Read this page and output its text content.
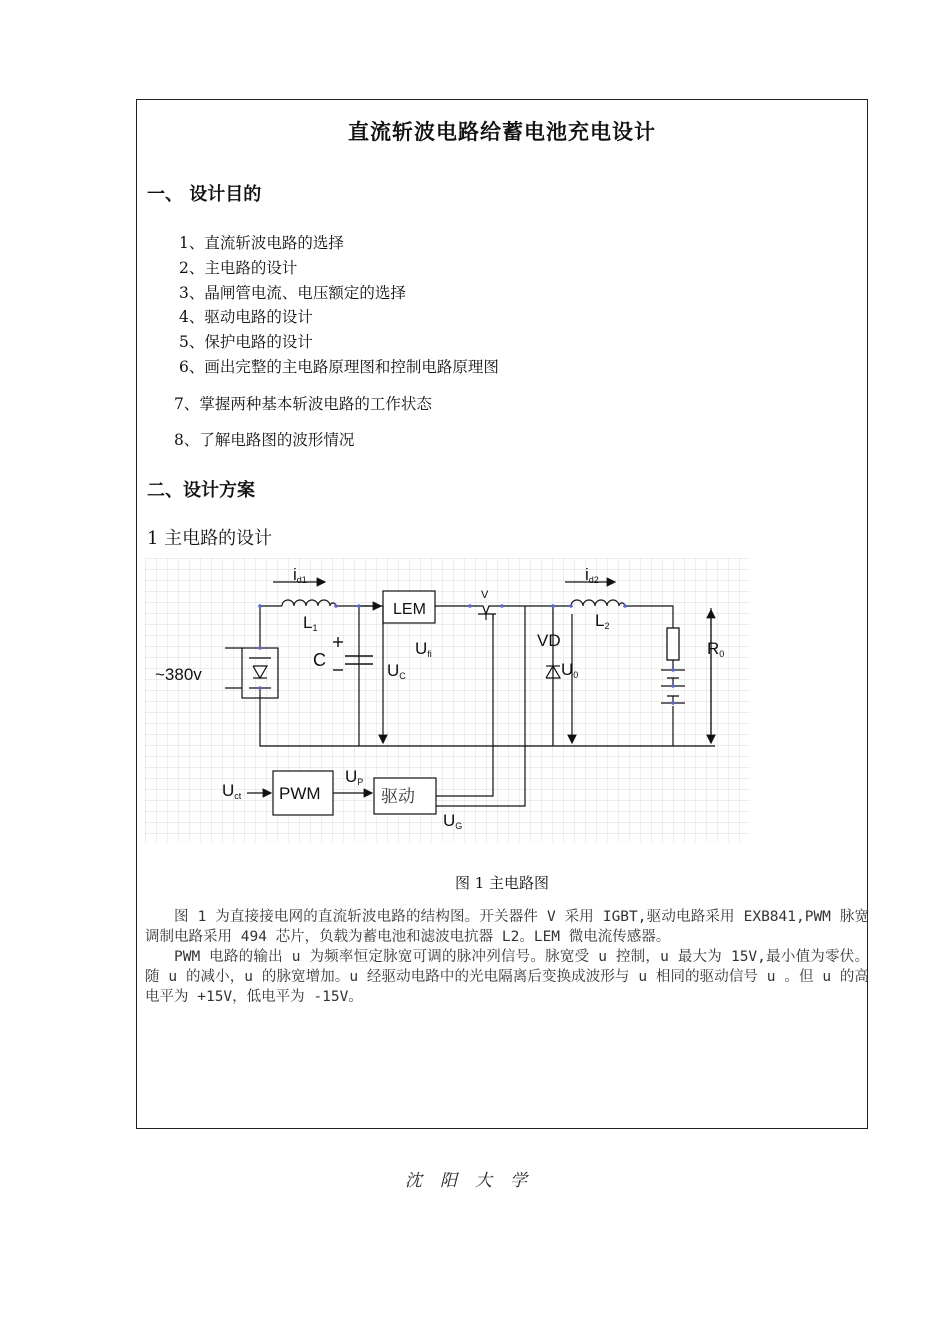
直流斩波电路给蓄电池充电设计
一、 设计目的
1、直流斩波电路的选择
2、主电路的设计
3、晶闸管电流、电压额定的选择
4、驱动电路的设计
5、保护电路的设计
6、画出完整的主电路原理图和控制电路原理图
7、掌握两种基本斩波电路的工作状态
8、了解电路图的波形情况
二、设计方案
1 主电路的设计
~380v
id1
L1
C
LEM
Ufi
UC
V
VD
U0
id2
L2
R0
Uct PWM
UP
驱动
UG
图 1 主电路图

图 1 为直接接电网的直流斩波电路的结构图。开关器件 V 采用 IGBT,驱动电路采用 EXB841,PWM 脉宽调制电路采用 494 芯片，负载为蓄电池和滤波电抗器 L2。LEM 微电流传感器。

PWM 电路的输出 u 为频率恒定脉宽可调的脉冲列信号。脉宽受 u 控制，u 最大为 15V,最小值为零伏。随 u 的减小，u 的脉宽增加。u 经驱动电路中的光电隔离后变换成波形与 u 相同的驱动信号 u 。但 u 的高电平为 +15V，低电平为 -15V。

沈阳大学
